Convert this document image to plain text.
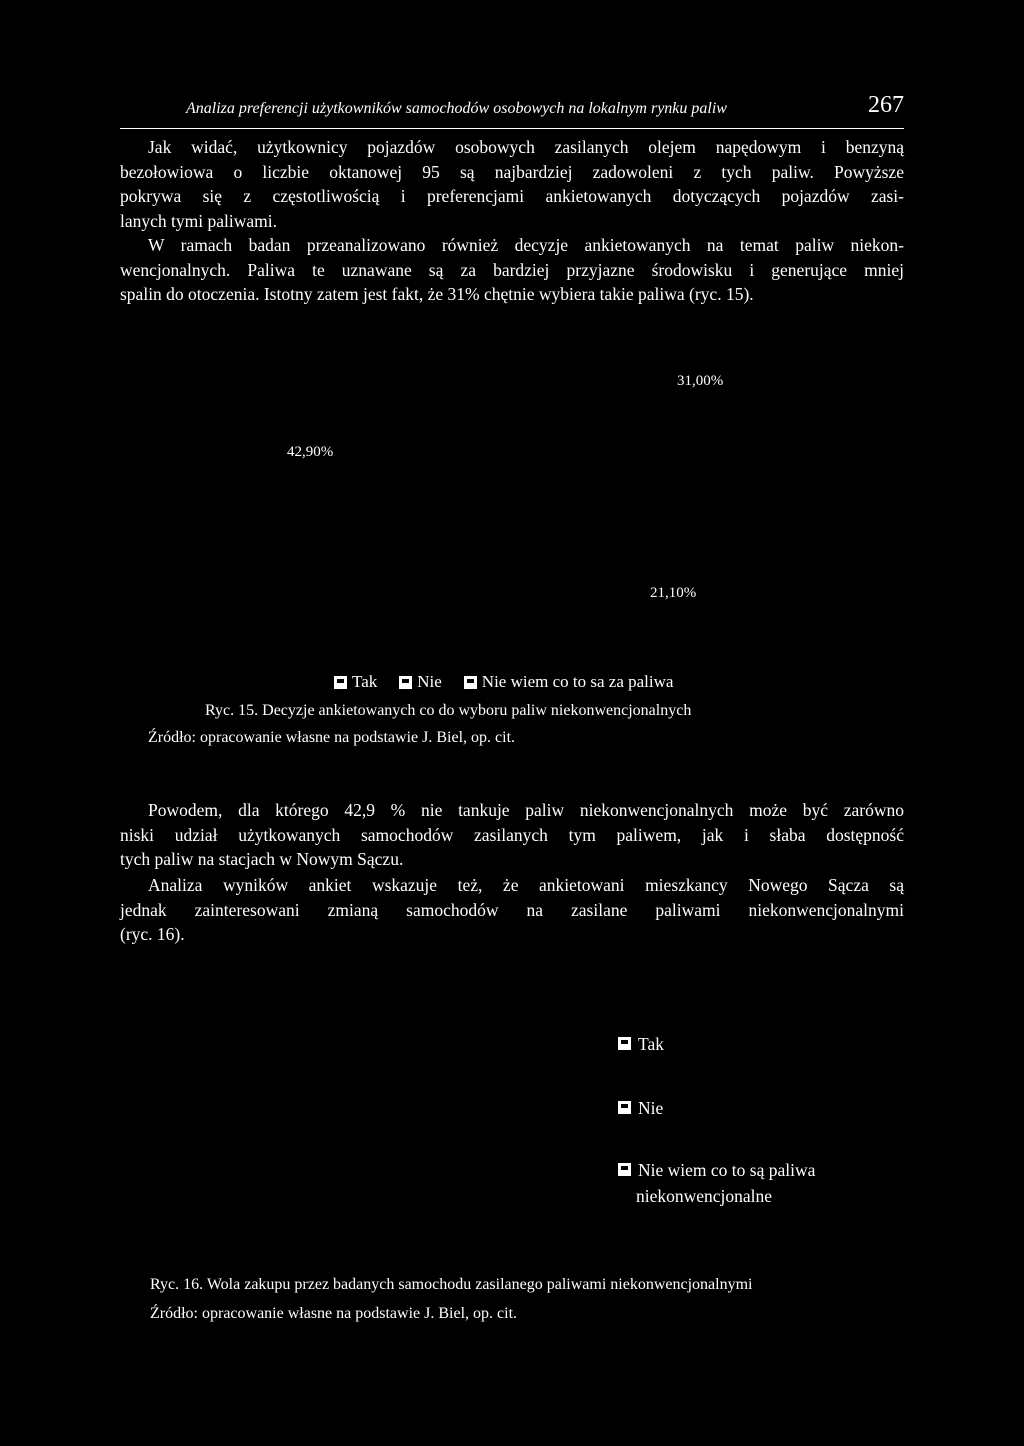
Analiza preferencji użytkowników samochodów osobowych na lokalnym rynku paliw	267
Jak widać, użytkownicy pojazdów osobowych zasilanych olejem napędowym i benzyną
bezołowiowa o liczbie oktanowej 95 są najbardziej zadowoleni z tych paliw. Powyższe
pokrywa się z częstotliwością i preferencjami ankietowanych dotyczących pojazdów zasi-
lanych tymi paliwami.
W ramach badan przeanalizowano również decyzje ankietowanych na temat paliw niekon-
wencjonalnych. Paliwa te uznawane są za bardziej przyjazne środowisku i generujące mniej
spalin do otoczenia. Istotny zatem jest fakt, że 31% chętnie wybiera takie paliwa (ryc. 15).
31,00%
42,90%
21,10%
Tak Nie Nie wiem co to sa za paliwa
Ryc. 15. Decyzje ankietowanych co do wyboru paliw niekonwencjonalnych
Źródło: opracowanie własne na podstawie J. Biel, op. cit.
Powodem, dla którego 42,9 % nie tankuje paliw niekonwencjonalnych może być zarówno
niski udział użytkowanych samochodów zasilanych tym paliwem, jak i słaba dostępność
tych paliw na stacjach w Nowym Sączu.
Analiza wyników ankiet wskazuje też, że ankietowani mieszkancy Nowego Sącza są
jednak zainteresowani zmianą samochodów na zasilane paliwami niekonwencjonalnymi
(ryc. 16).
Tak
Nie
Nie wiem co to są paliwa
niekonwencjonalne
Ryc. 16. Wola zakupu przez badanych samochodu zasilanego paliwami niekonwencjonalnymi
Źródło: opracowanie własne na podstawie J. Biel, op. cit.
